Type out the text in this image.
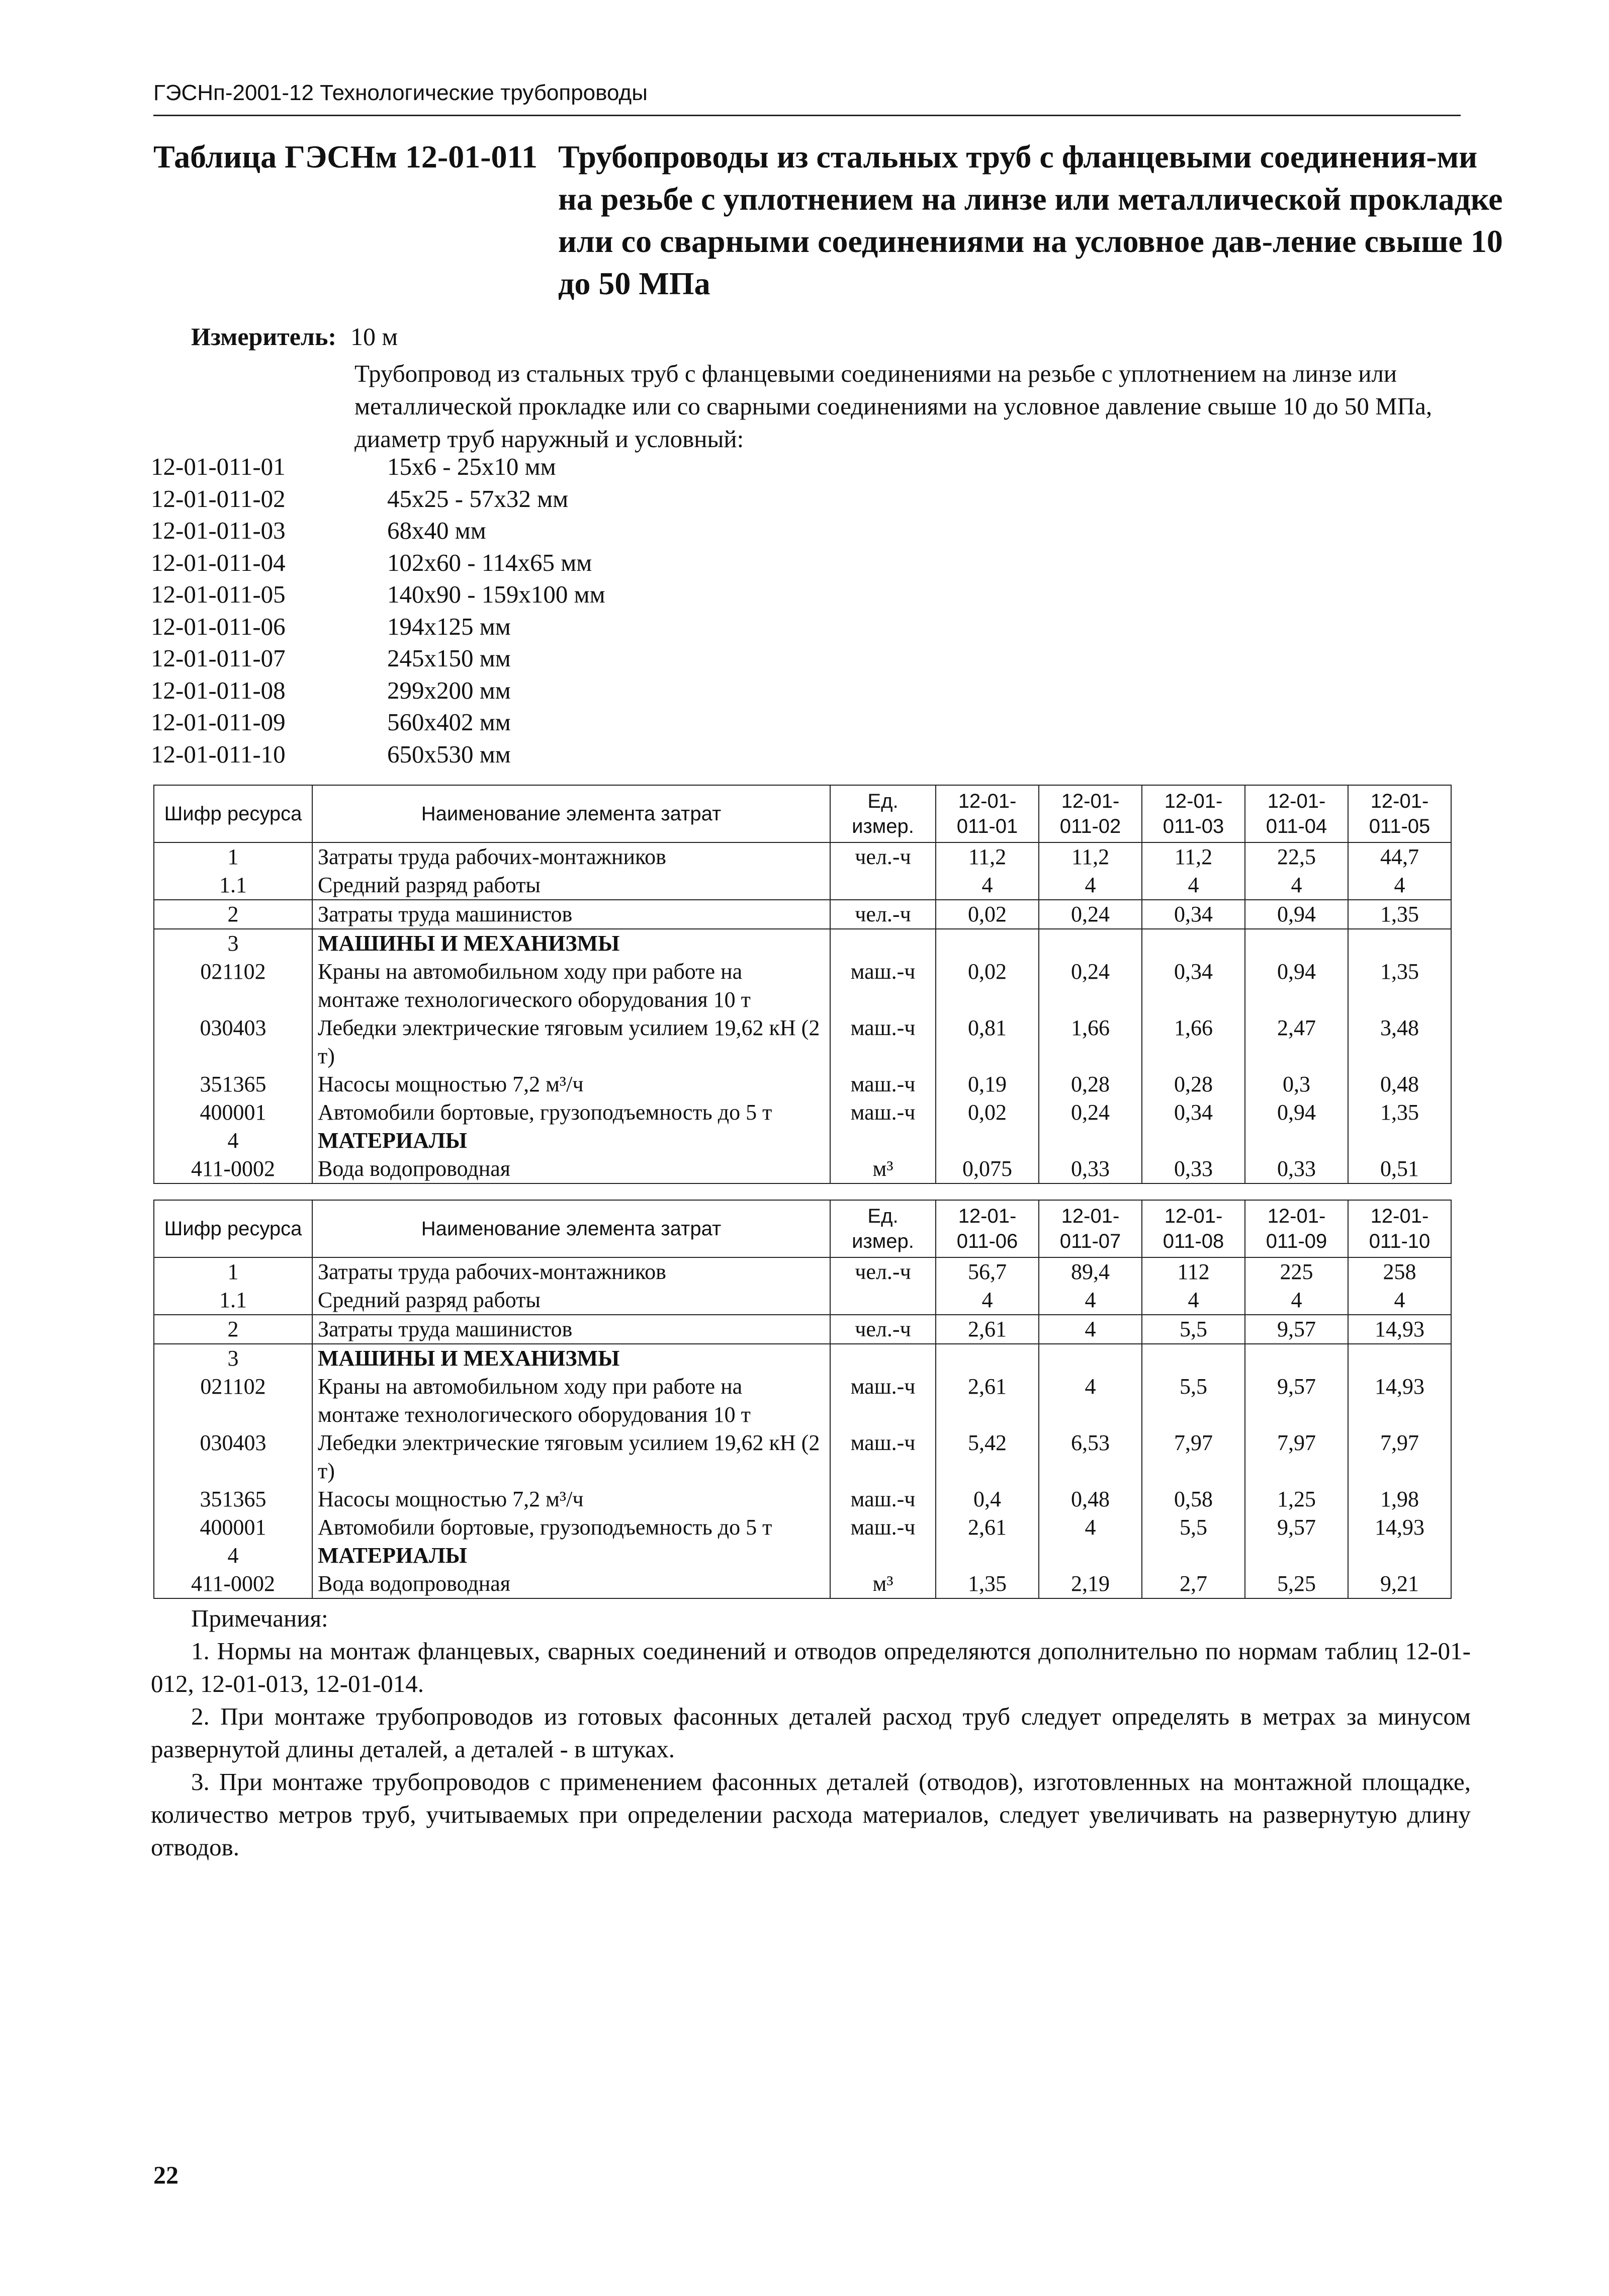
ГЭСНп-2001-12 Технологические трубопроводы
Таблица ГЭСНм 12-01-011 Трубопроводы из стальных труб с фланцевыми соединения-ми на резьбе с уплотнением на линзе или металлической прокладке или со сварными соединениями на условное дав-ление свыше 10 до 50 МПа
Измеритель: 10 м
Трубопровод из стальных труб с фланцевыми соединениями на резьбе с уплотнением на линзе или металлической прокладке или со сварными соединениями на условное давление свыше 10 до 50 МПа, диаметр труб наружный и условный:
12-01-011-01	15х6 - 25х10 мм
12-01-011-02	45х25 - 57х32 мм
12-01-011-03	68х40 мм
12-01-011-04	102х60 - 114х65 мм
12-01-011-05	140х90 - 159х100 мм
12-01-011-06	194х125 мм
12-01-011-07	245х150 мм
12-01-011-08	299х200 мм
12-01-011-09	560х402 мм
12-01-011-10	650х530 мм
Шифр ресурса	Наименование элемента затрат	Ед. измер.	12-01-011-01	12-01-011-02	12-01-011-03	12-01-011-04	12-01-011-05
1	Затраты труда рабочих-монтажников	чел.-ч	11,2	11,2	11,2	22,5	44,7
1.1	Средний разряд работы		4	4	4	4	4
2	Затраты труда машинистов	чел.-ч	0,02	0,24	0,34	0,94	1,35
3	МАШИНЫ И МЕХАНИЗМЫ						
021102	Краны на автомобильном ходу при работе на монтаже технологического оборудования 10 т	маш.-ч	0,02	0,24	0,34	0,94	1,35
030403	Лебедки электрические тяговым усилием 19,62 кН (2 т)	маш.-ч	0,81	1,66	1,66	2,47	3,48
351365	Насосы мощностью 7,2 м³/ч	маш.-ч	0,19	0,28	0,28	0,3	0,48
400001	Автомобили бортовые, грузоподъемность до 5 т	маш.-ч	0,02	0,24	0,34	0,94	1,35
4	МАТЕРИАЛЫ						
411-0002	Вода водопроводная	м³	0,075	0,33	0,33	0,33	0,51
Шифр ресурса	Наименование элемента затрат	Ед. измер.	12-01-011-06	12-01-011-07	12-01-011-08	12-01-011-09	12-01-011-10
1	Затраты труда рабочих-монтажников	чел.-ч	56,7	89,4	112	225	258
1.1	Средний разряд работы		4	4	4	4	4
2	Затраты труда машинистов	чел.-ч	2,61	4	5,5	9,57	14,93
3	МАШИНЫ И МЕХАНИЗМЫ						
021102	Краны на автомобильном ходу при работе на монтаже технологического оборудования 10 т	маш.-ч	2,61	4	5,5	9,57	14,93
030403	Лебедки электрические тяговым усилием 19,62 кН (2 т)	маш.-ч	5,42	6,53	7,97	7,97	7,97
351365	Насосы мощностью 7,2 м³/ч	маш.-ч	0,4	0,48	0,58	1,25	1,98
400001	Автомобили бортовые, грузоподъемность до 5 т	маш.-ч	2,61	4	5,5	9,57	14,93
4	МАТЕРИАЛЫ						
411-0002	Вода водопроводная	м³	1,35	2,19	2,7	5,25	9,21
Примечания:

1. Нормы на монтаж фланцевых, сварных соединений и отводов определяются дополнительно по нормам таблиц 12-01-012, 12-01-013, 12-01-014.

2. При монтаже трубопроводов из готовых фасонных деталей расход труб следует определять в метрах за минусом развернутой длины деталей, а деталей - в штуках.

3. При монтаже трубопроводов с применением фасонных деталей (отводов), изготовленных на монтажной площадке, количество метров труб, учитываемых при определении расхода материалов, следует увеличивать на развернутую длину отводов.

22
